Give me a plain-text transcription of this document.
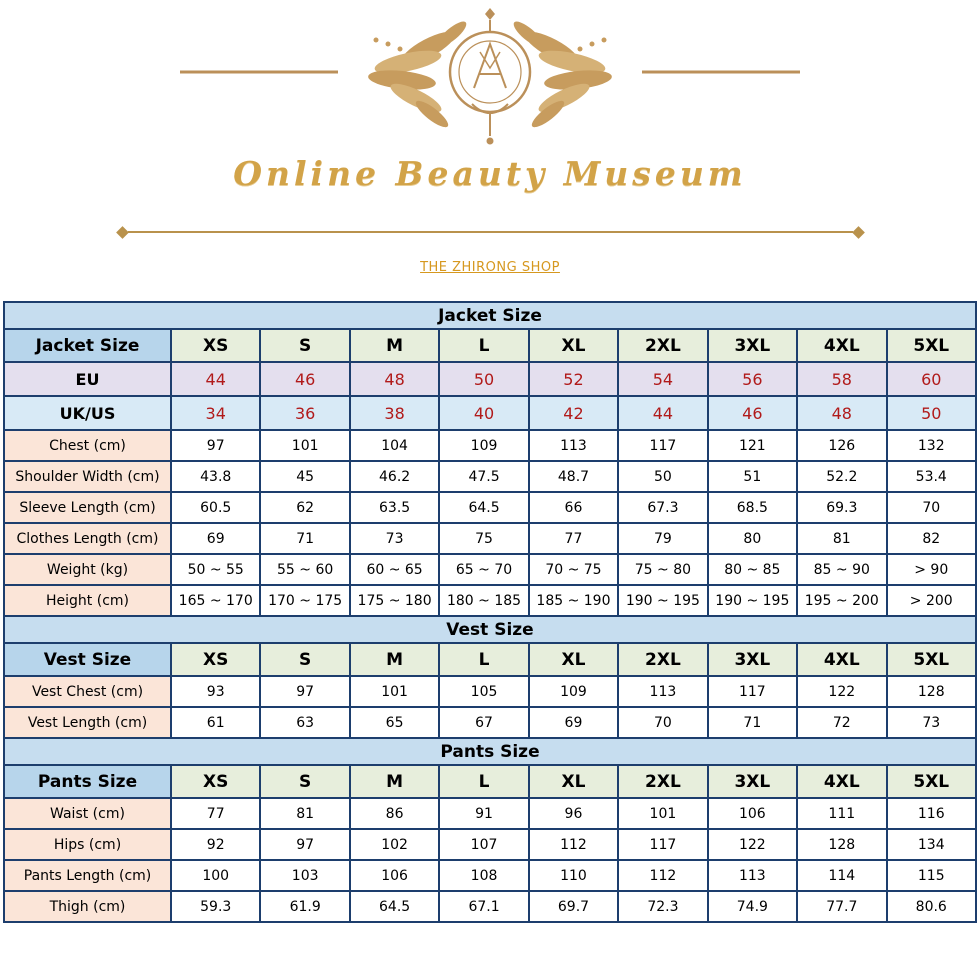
Online Beauty Museum
THE ZHIRONG SHOP
Jacket Size									
Jacket Size	XS	S	M	L	XL	2XL	3XL	4XL	5XL
EU	44	46	48	50	52	54	56	58	60
UK/US	34	36	38	40	42	44	46	48	50
Chest (cm)	97	101	104	109	113	117	121	126	132
Shoulder Width (cm)	43.8	45	46.2	47.5	48.7	50	51	52.2	53.4
Sleeve Length (cm)	60.5	62	63.5	64.5	66	67.3	68.5	69.3	70
Clothes Length (cm)	69	71	73	75	77	79	80	81	82
Weight (kg)	50 ~ 55	55 ~ 60	60 ~ 65	65 ~ 70	70 ~ 75	75 ~ 80	80 ~ 85	85 ~ 90	> 90
Height (cm)	165 ~ 170	170 ~ 175	175 ~ 180	180 ~ 185	185 ~ 190	190 ~ 195	190 ~ 195	195 ~ 200	> 200
Vest Size									
Vest Size	XS	S	M	L	XL	2XL	3XL	4XL	5XL
Vest Chest (cm)	93	97	101	105	109	113	117	122	128
Vest Length (cm)	61	63	65	67	69	70	71	72	73
Pants Size									
Pants Size	XS	S	M	L	XL	2XL	3XL	4XL	5XL
Waist (cm)	77	81	86	91	96	101	106	111	116
Hips (cm)	92	97	102	107	112	117	122	128	134
Pants Length (cm)	100	103	106	108	110	112	113	114	115
Thigh (cm)	59.3	61.9	64.5	67.1	69.7	72.3	74.9	77.7	80.6
